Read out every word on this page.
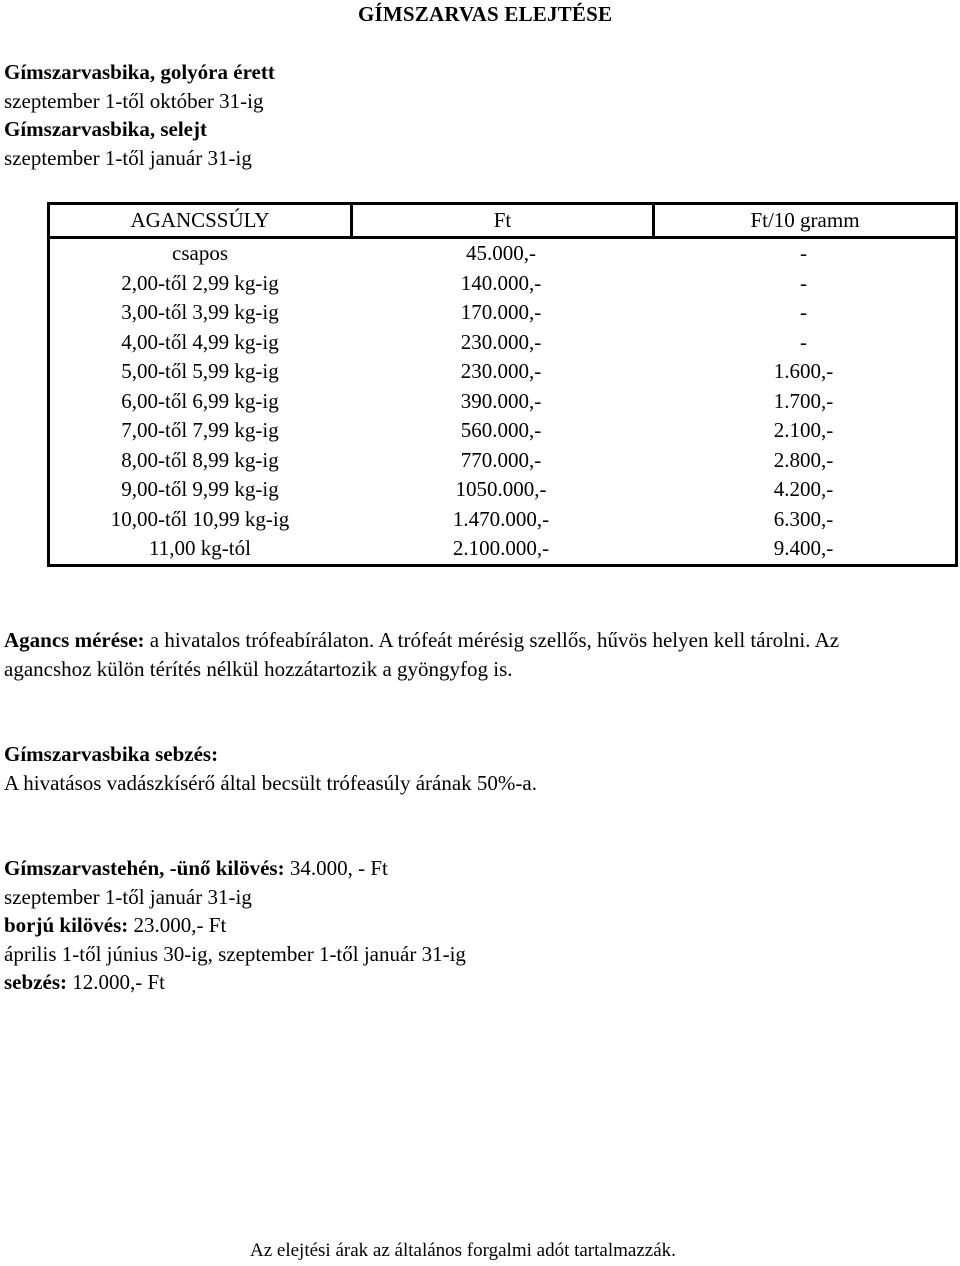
GÍMSZARVAS ELEJTÉSE
Gímszarvasbika, golyóra érett
szeptember 1-től október 31-ig
Gímszarvasbika, selejt
szeptember 1-től január 31-ig
AGANCSSÚLY	Ft	Ft/10 gramm
csapos	45.000,-	-
2,00-től 2,99 kg-ig	140.000,-	-
3,00-től 3,99 kg-ig	170.000,-	-
4,00-től 4,99 kg-ig	230.000,-	-
5,00-től 5,99 kg-ig	230.000,-	1.600,-
6,00-től 6,99 kg-ig	390.000,-	1.700,-
7,00-től 7,99 kg-ig	560.000,-	2.100,-
8,00-től 8,99 kg-ig	770.000,-	2.800,-
9,00-től 9,99 kg-ig	1050.000,-	4.200,-
10,00-től 10,99 kg-ig	1.470.000,-	6.300,-
11,00 kg-tól	2.100.000,-	9.400,-
Agancs mérése: a hivatalos trófeabírálaton. A trófeát mérésig szellős, hűvös helyen kell tárolni. Az
agancshoz külön térítés nélkül hozzátartozik a gyöngyfog is.
Gímszarvasbika sebzés:
A hivatásos vadászkísérő által becsült trófeasúly árának 50%-a.
Gímszarvastehén, -ünő kilövés: 34.000, - Ft
szeptember 1-től január 31-ig
borjú kilövés: 23.000,- Ft
április 1-től június 30-ig, szeptember 1-től január 31-ig
sebzés: 12.000,- Ft
Az elejtési árak az általános forgalmi adót tartalmazzák.
